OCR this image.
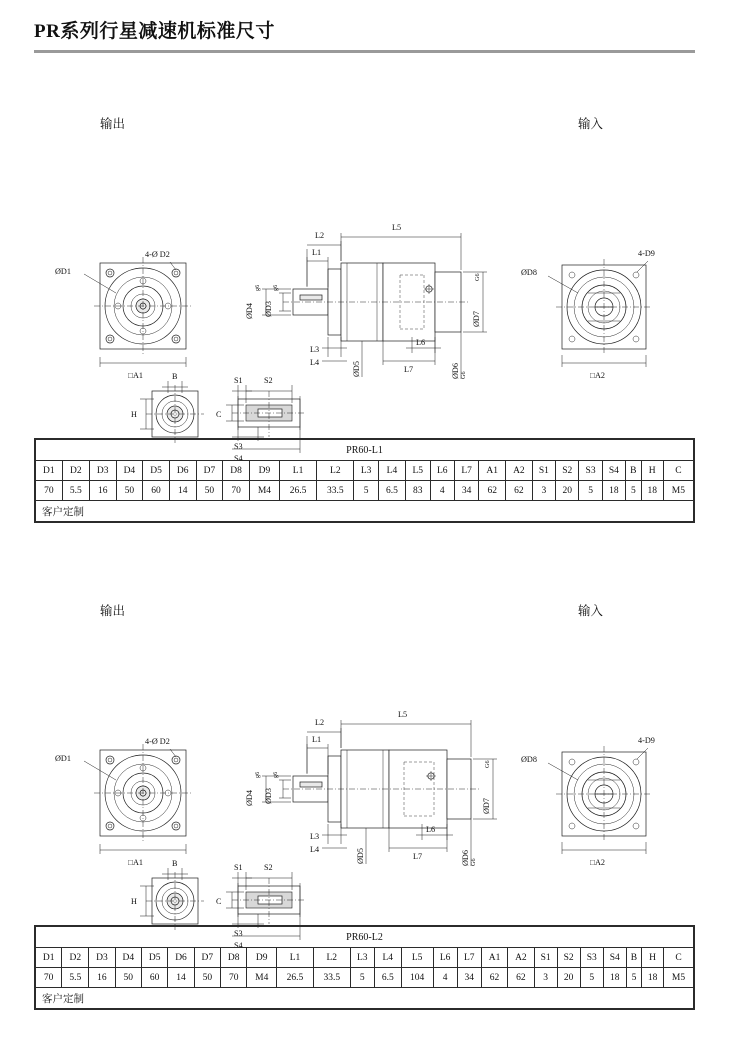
PR系列行星减速机标准尺寸
输出	输入
ØD1
4-Ø D2
□A1
L2
L5
L1
ØD4
g6
ØD3
g6
ØD7
G6
L3
L4	ØD5
L6
L7	ØD6 G6
ØD8
4-D9
□A2
B
H
S1	S2
C
S3
S4
PR60-L1																								
D1	D2	D3	D4	D5	D6	D7	D8	D9	L1	L2	L3	L4	L5	L6	L7	A1	A2	S1	S2	S3	S4	B	H	C
70	5.5	16	50	60	14	50	70	M4	26.5	33.5	5	6.5	83	4	34	62	62	3	20	5	18	5	18	M5
客户定制																								
输出	输入
ØD1
4-Ø D2
□A1
L2
L5
L1
ØD4
g6
ØD3
g6
ØD7
G6
L3
L4	ØD5
L6
L7	ØD6 G6
ØD8
4-D9
□A2
B
H
S1	S2
C
S3
S4
PR60-L2																								
D1	D2	D3	D4	D5	D6	D7	D8	D9	L1	L2	L3	L4	L5	L6	L7	A1	A2	S1	S2	S3	S4	B	H	C
70	5.5	16	50	60	14	50	70	M4	26.5	33.5	5	6.5	104	4	34	62	62	3	20	5	18	5	18	M5
客户定制																								
